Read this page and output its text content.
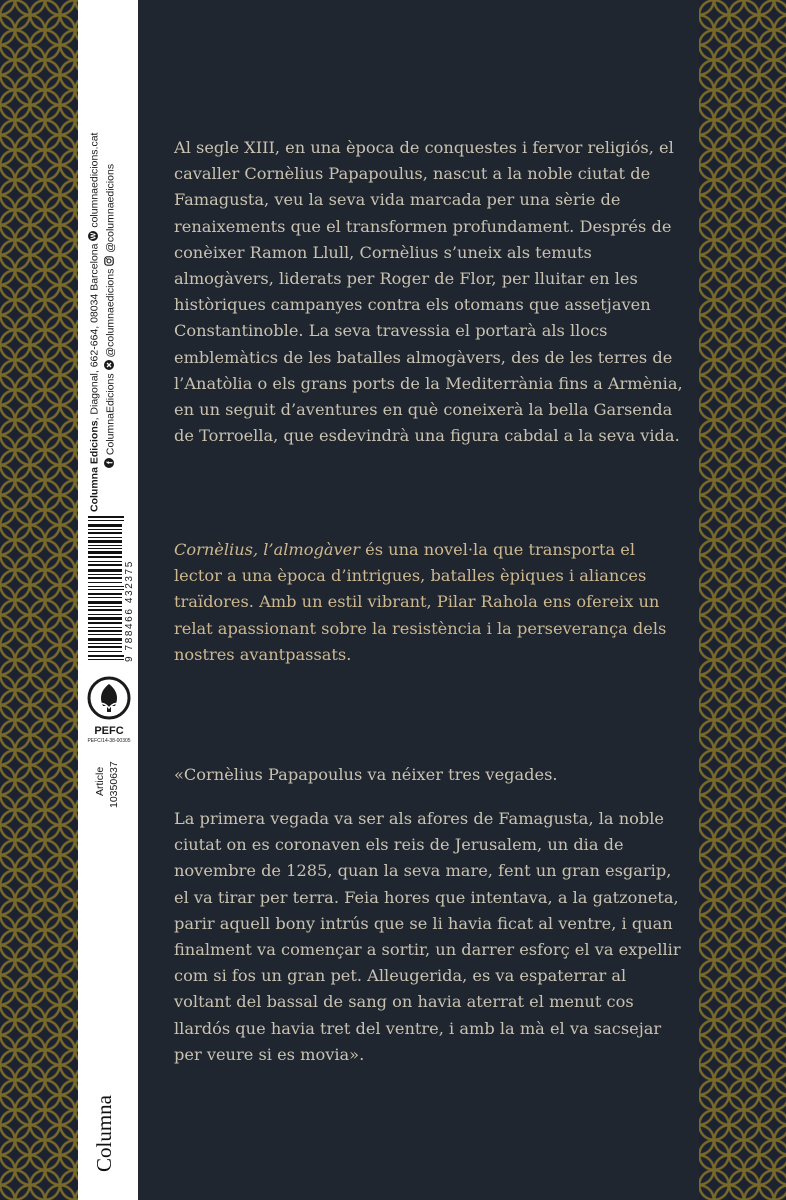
Columna Edicions, Diagonal, 662-664, 08034 Barcelona
W
columnaedicions.cat
f
ColumnaEdicions  @columnaedicions  @columnaedicions
9 788466 432375
PEFC
PEFC/14-38-00305
Article 10350637
Columna

Al segle XIII, en una època de conquestes i fervor religiós, el cavaller Cornèlius Papapoulus, nascut a la noble ciutat de Famagusta, veu la seva vida marcada per una sèrie de renaixements que el transformen profundament. Després de conèixer Ramon Llull, Cornèlius s’uneix als temuts almogàvers, liderats per Roger de Flor, per lluitar en les històriques campanyes contra els otomans que assetjaven Constantinoble. La seva travessia el portarà als llocs emblemàtics de les batalles almogàvers, des de les terres de l’Anatòlia o els grans ports de la Mediterrània fins a Armènia, en un seguit d’aventures en què coneixerà la bella Garsenda de Torroella, que esdevindrà una figura cabdal a la seva vida.

Cornèlius, l’almogàver és una novel·la que transporta el lector a una època d’intrigues, batalles èpiques i aliances traïdores. Amb un estil vibrant, Pilar Rahola ens ofereix un relat apassionant sobre la resistència i la perseverança dels nostres avantpassats.

«Cornèlius Papapoulus va néixer tres vegades.

La primera vegada va ser als afores de Famagusta, la noble ciutat on es coronaven els reis de Jerusalem, un dia de novembre de 1285, quan la seva mare, fent un gran esgarip, el va tirar per terra. Feia hores que intentava, a la gatzoneta, parir aquell bony intrús que se li havia ficat al ventre, i quan finalment va començar a sortir, un darrer esforç el va expellir com si fos un gran pet. Alleugerida, es va espaterrar al voltant del bassal de sang on havia aterrat el menut cos llardós que havia tret del ventre, i amb la mà el va sacsejar per veure si es movia».
